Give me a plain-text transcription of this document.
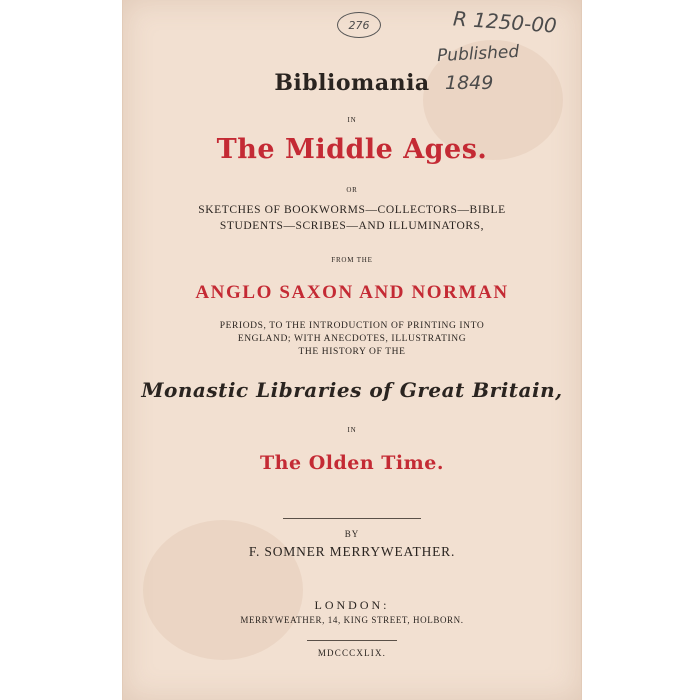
276	R 1250-00
Published
1849
Bibliomania
IN
The Middle Ages.
OR
SKETCHES OF BOOKWORMS—COLLECTORS—BIBLE
STUDENTS—SCRIBES—AND ILLUMINATORS,
FROM THE
ANGLO SAXON AND NORMAN
PERIODS, TO THE INTRODUCTION OF PRINTING INTO
ENGLAND; WITH ANECDOTES, ILLUSTRATING
THE HISTORY OF THE
Monastic Libraries of Great Britain,
IN
The Olden Time.
BY
F. SOMNER MERRYWEATHER.
LONDON:
MERRYWEATHER, 14, KING STREET, HOLBORN.
MDCCCXLIX.
